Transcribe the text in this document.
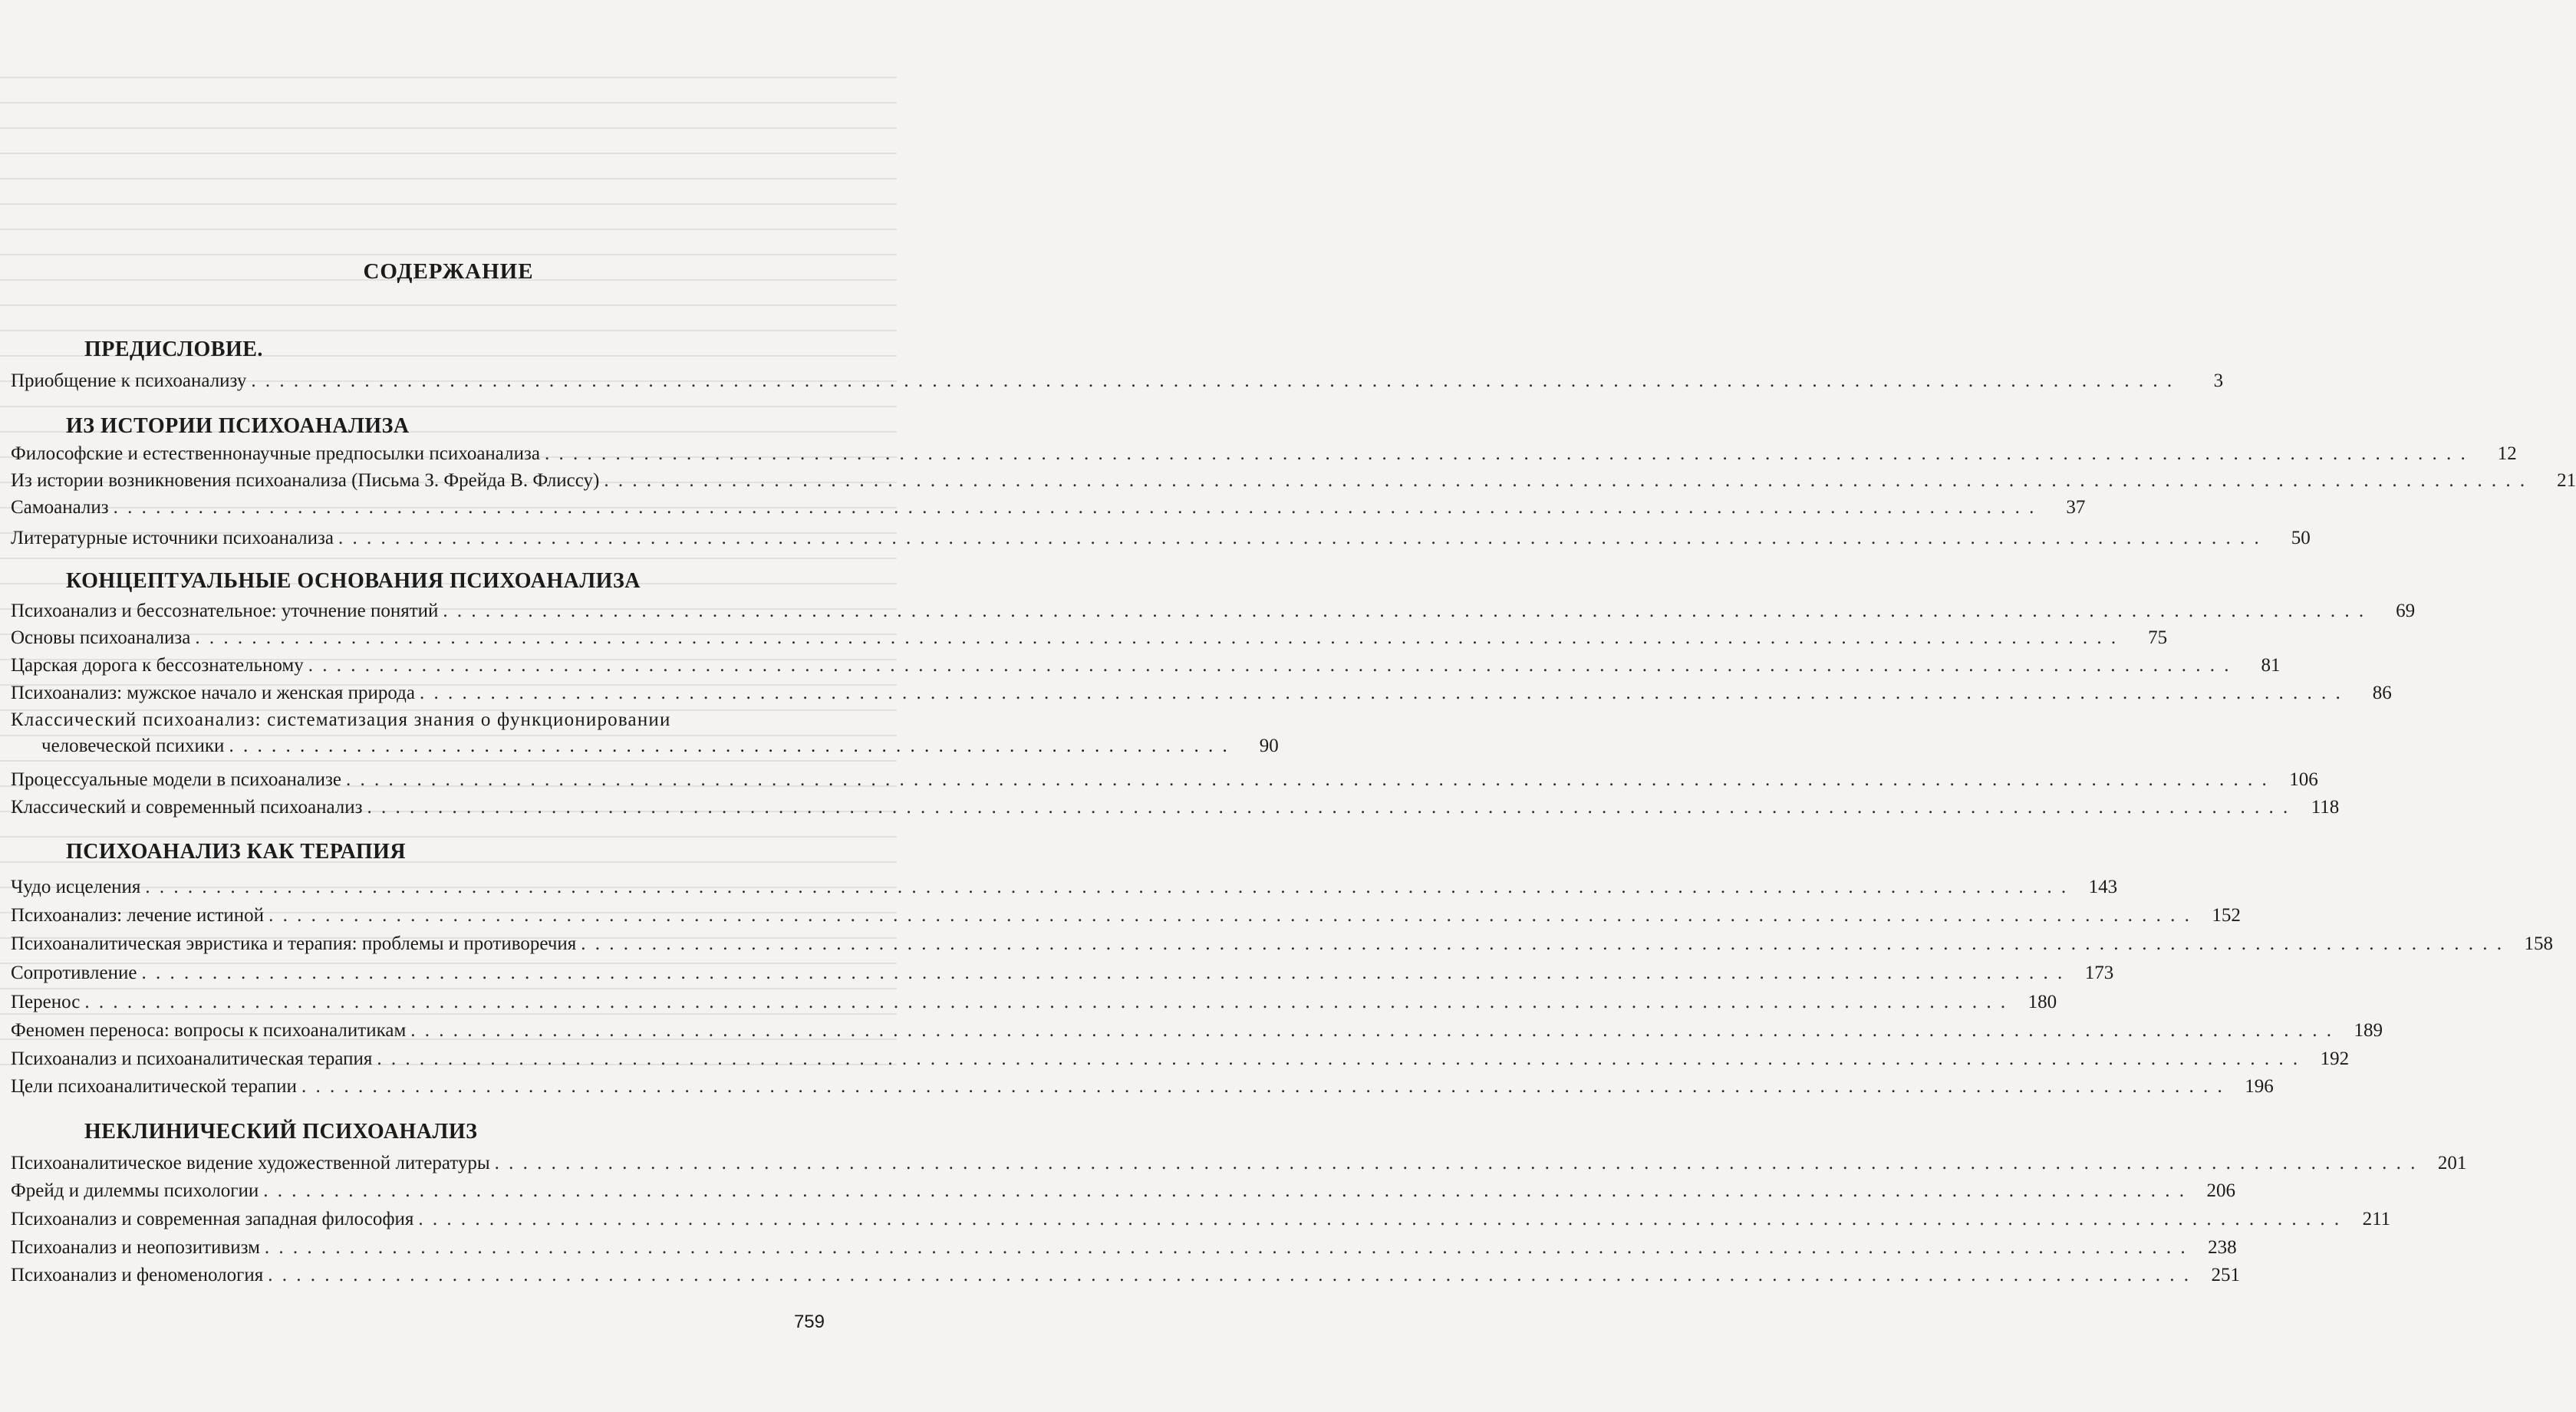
СОДЕРЖАНИЕ
ПРЕДИСЛОВИЕ.
Приобщение к психоанализу . . .	3
ИЗ ИСТОРИИ ПСИХОАНАЛИЗА
Философские и естественнонаучные предпосылки психоанализа . . .	12
Из истории возникновения психоанализа (Письма З. Фрейда В. Флиссу) . . .	21
Самоанализ . . .	37
Литературные источники психоанализа . . .	50
КОНЦЕПТУАЛЬНЫЕ ОСНОВАНИЯ ПСИХОАНАЛИЗА
Психоанализ и бессознательное: уточнение понятий . . .	69
Основы психоанализа . . .	75
Царская дорога к бессознательному . . .	81
Психоанализ: мужское начало и женская природа . . .	86
Классический психоанализ: систематизация знания о функционировании
человеческой психики . . . . . . . . . . . . . . . . . . . . . . . . . . . . . . . . . . . . . . . . . . . . . . . . . . . . . . . . . . . . . . . . . . . . . . .	90
Процессуальные модели в психоанализе . . .	106
Классический и современный психоанализ . . .	118
ПСИХОАНАЛИЗ КАК ТЕРАПИЯ
Чудо исцеления . . .	143
Психоанализ: лечение истиной . . .	152
Психоаналитическая эвристика и терапия: проблемы и противоречия . . .	158
Сопротивление . . .	173
Перенос . . .	180
Феномен переноса: вопросы к психоаналитикам . . .	189
Психоанализ и психоаналитическая терапия . . .	192
Цели психоаналитической терапии . . .	196
НЕКЛИНИЧЕСКИЙ ПСИХОАНАЛИЗ
Психоаналитическое видение художественной литературы . . .	201
Фрейд и дилеммы психологии . . .	206
Психоанализ и современная западная философия . . .	211
Психоанализ и неопозитивизм . . .	238
Психоанализ и феноменология . . .	251
759
